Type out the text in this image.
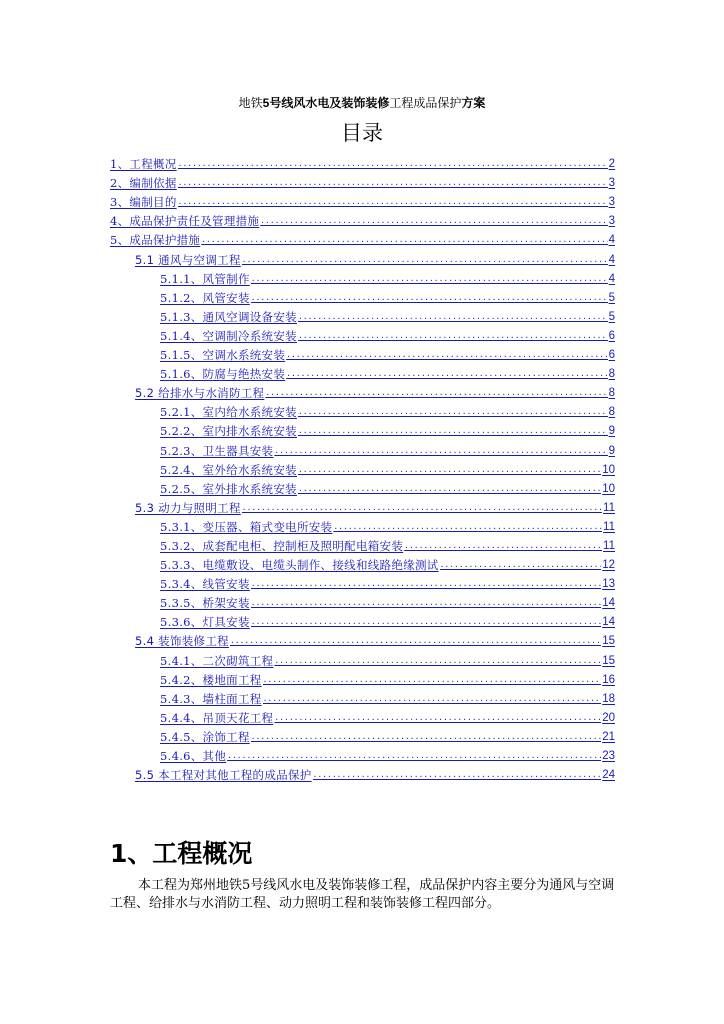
地铁5号线风水电及装饰装修工程成品保护方案
目录
1、工程概况 .....	2
2、编制依据 .....	3
3、编制目的 .....	3
4、成品保护责任及管理措施 .....	3
5、成品保护措施 .....	4
5.1 通风与空调工程 .....	4
5.1.1、风管制作 .....	4
5.1.2、风管安装 .....	5
5.1.3、通风空调设备安装 .....	5
5.1.4、空调制冷系统安装 .....	6
5.1.5、空调水系统安装 .....	6
5.1.6、防腐与绝热安装 .....	8
5.2 给排水与水消防工程 .....	8
5.2.1、室内给水系统安装 .....	8
5.2.2、室内排水系统安装 .....	9
5.2.3、卫生器具安装 .....	9
5.2.4、室外给水系统安装 .....	10
5.2.5、室外排水系统安装 .....	10
5.3 动力与照明工程 .....	11
5.3.1、变压器、箱式变电所安装 .....	11
5.3.2、成套配电柜、控制柜及照明配电箱安装 .....	11
5.3.3、电缆敷设、电缆头制作、接线和线路绝缘测试 .....	12
5.3.4、线管安装 .....	13
5.3.5、桥架安装 .....	14
5.3.6、灯具安装 .....	14
5.4 装饰装修工程 .....	15
5.4.1、二次砌筑工程 .....	15
5.4.2、楼地面工程 .....	16
5.4.3、墙柱面工程 .....	18
5.4.4、吊顶天花工程 .....	20
5.4.5、涂饰工程 .....	21
5.4.6、其他 .....	23
5.5 本工程对其他工程的成品保护 .....	24
1、工程概况

本工程为郑州地铁5号线风水电及装饰装修工程，成品保护内容主要分为通风与空调工程、给排水与水消防工程、动力照明工程和装饰装修工程四部分。
